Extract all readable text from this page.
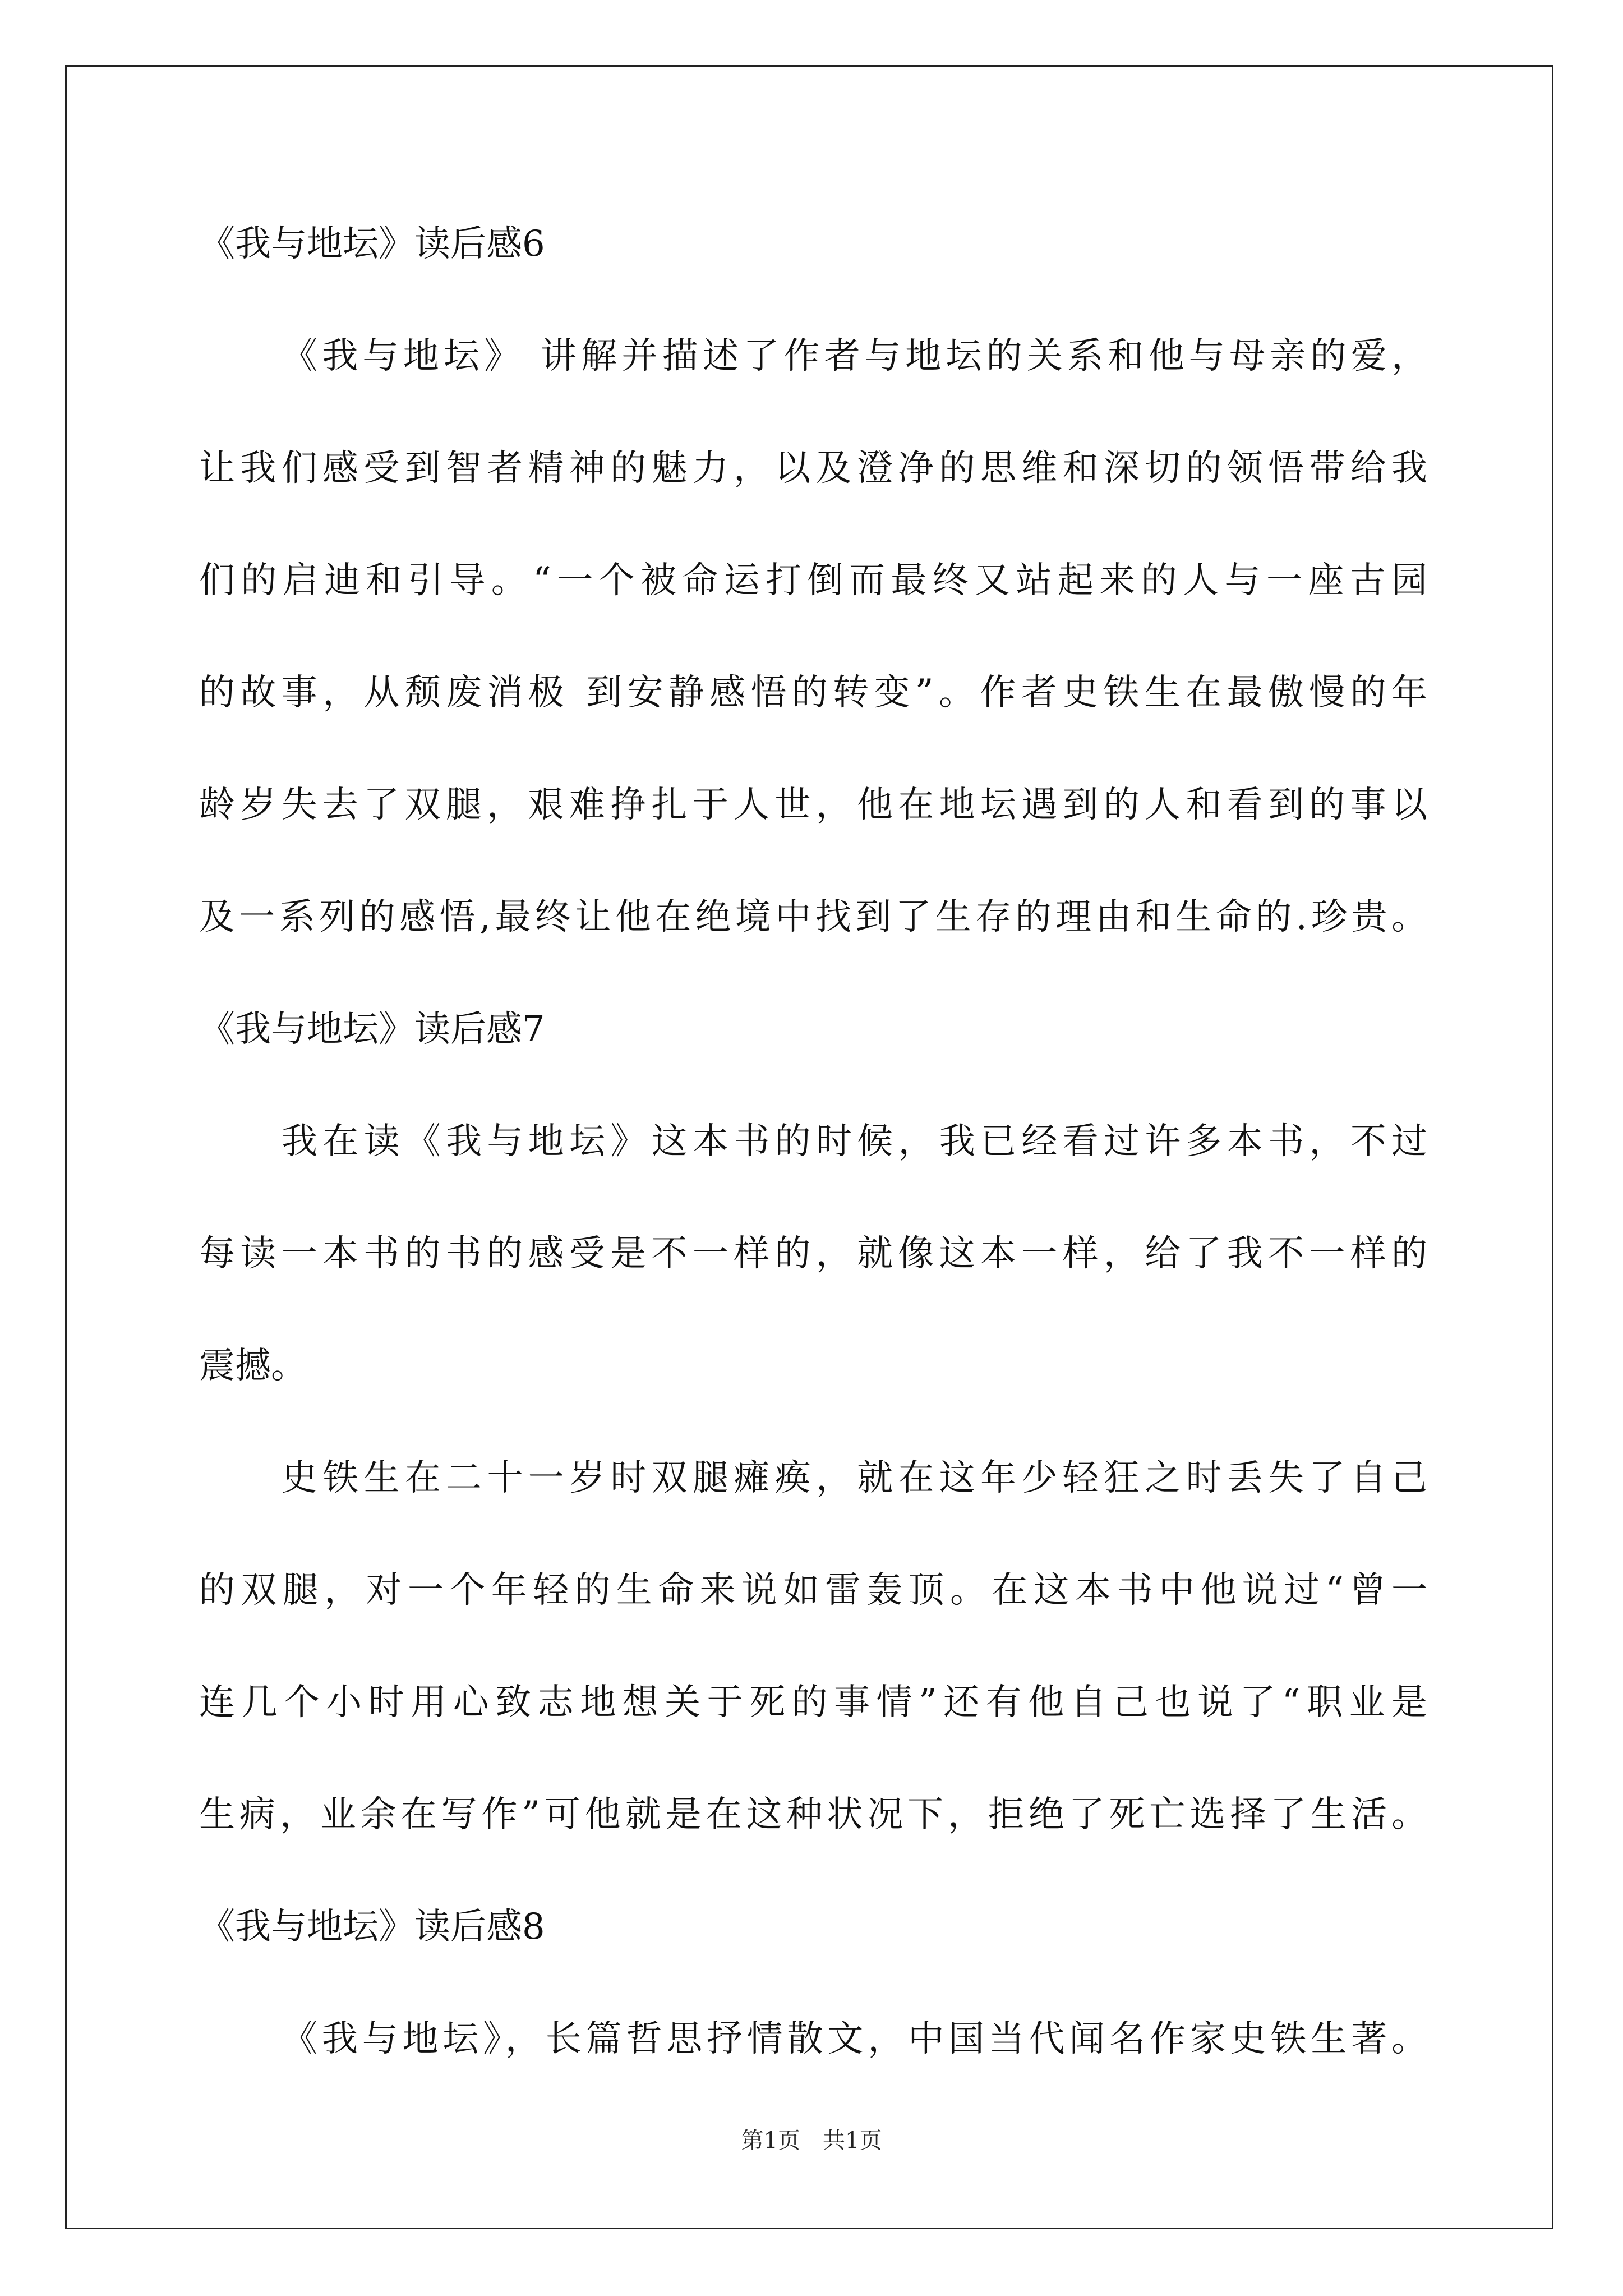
《我与地坛》读后感6
《我与地坛》 讲解并描述了作者与地坛的关系和他与母亲的爱，
让我们感受到智者精神的魅力，以及澄净的思维和深切的领悟带给我
们的启迪和引导。“一个被命运打倒而最终又站起来的人与一座古园
的故事，从颓废消极 到安静感悟的转变”。作者史铁生在最傲慢的年
龄岁失去了双腿，艰难挣扎于人世，他在地坛遇到的人和看到的事以
及一系列的感悟,最终让他在绝境中找到了生存的理由和生命的.珍贵。
《我与地坛》读后感7
我在读《我与地坛》这本书的时候，我已经看过许多本书，不过
每读一本书的书的感受是不一样的，就像这本一样，给了我不一样的
震撼。
史铁生在二十一岁时双腿瘫痪，就在这年少轻狂之时丢失了自己
的双腿，对一个年轻的生命来说如雷轰顶。在这本书中他说过“曾一
连几个小时用心致志地想关于死的事情”还有他自己也说了“职业是
生病，业余在写作”可他就是在这种状况下，拒绝了死亡选择了生活。
《我与地坛》读后感8
《我与地坛》，长篇哲思抒情散文，中国当代闻名作家史铁生著。
第1页　共1页
